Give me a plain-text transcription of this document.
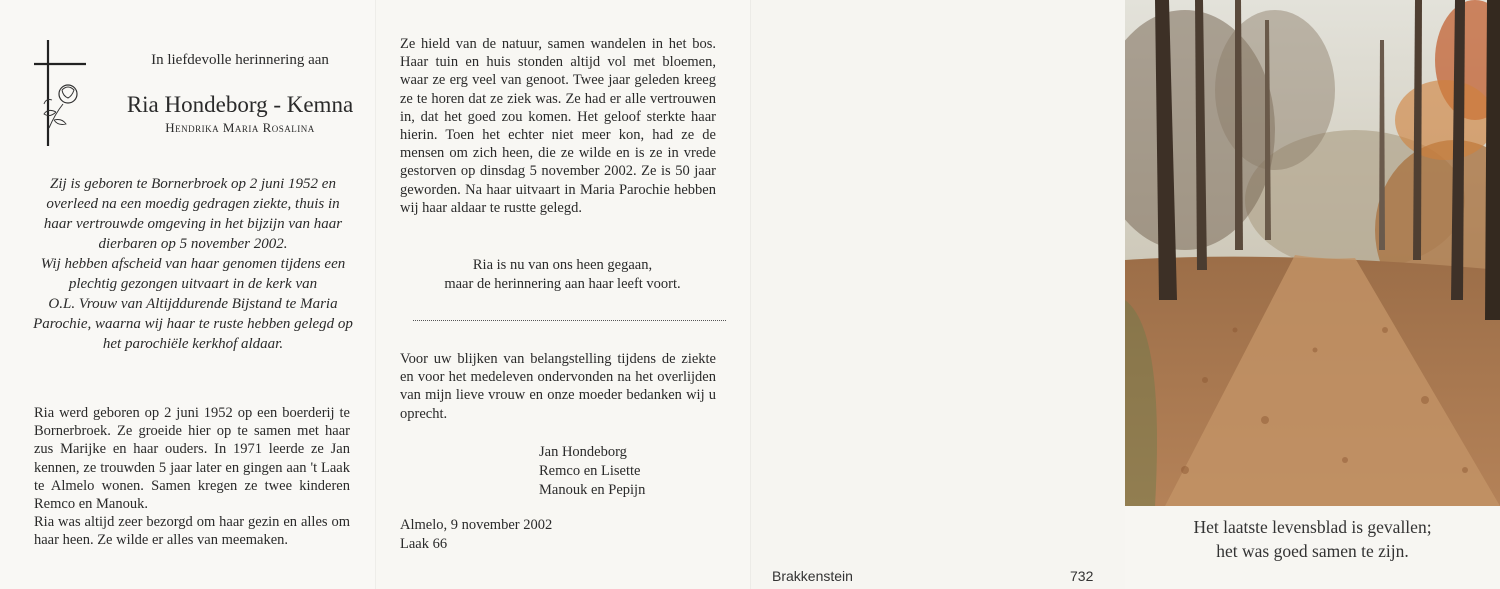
In liefdevolle herinnering aan
Ria Hondeborg - Kemna
Hendrika Maria Rosalina

Zij is geboren te Bornerbroek op 2 juni 1952 en

overleed na een moedig gedragen ziekte, thuis in

haar vertrouwde omgeving in het bijzijn van haar

dierbaren op 5 november 2002.

Wij hebben afscheid van haar genomen tijdens een

plechtig gezongen uitvaart in de kerk van

O.L. Vrouw van Altijddurende Bijstand te Maria

Parochie, waarna wij haar te ruste hebben gelegd op

het parochiële kerkhof aldaar.

Ria werd geboren op 2 juni 1952 op een boerderij te Bornerbroek. Ze groeide hier op te samen met haar zus Marijke en haar ouders. In 1971 leerde ze Jan kennen, ze trouwden 5 jaar later en gingen aan 't Laak te Almelo wonen. Samen kregen ze twee kinderen Remco en Manouk.

Ria was altijd zeer bezorgd om haar gezin en alles om haar heen. Ze wilde er alles van meemaken.

Ze hield van de natuur, samen wandelen in het bos. Haar tuin en huis stonden altijd vol met bloemen, waar ze erg veel van genoot. Twee jaar geleden kreeg ze te horen dat ze ziek was. Ze had er alle vertrouwen in, dat het goed zou komen. Het geloof sterkte haar hierin. Toen het echter niet meer kon, had ze de mensen om zich heen, die ze wilde en is ze in vrede gestorven op dinsdag 5 november 2002. Ze is 50 jaar geworden. Na haar uitvaart in Maria Parochie hebben wij haar aldaar te rustte gelegd.

Ria is nu van ons heen gegaan,
maar de herinnering aan haar leeft voort.
Voor uw blijken van belangstelling tijdens de ziekte en voor het medeleven ondervonden na het overlijden van mijn lieve vrouw en onze moeder bedanken wij u oprecht.
Jan Hondeborg
Remco en Lisette
Manouk en Pepijn
Almelo, 9 november 2002
Laak 66
Brakkenstein	732
Het laatste levensblad is gevallen;
het was goed samen te zijn.
